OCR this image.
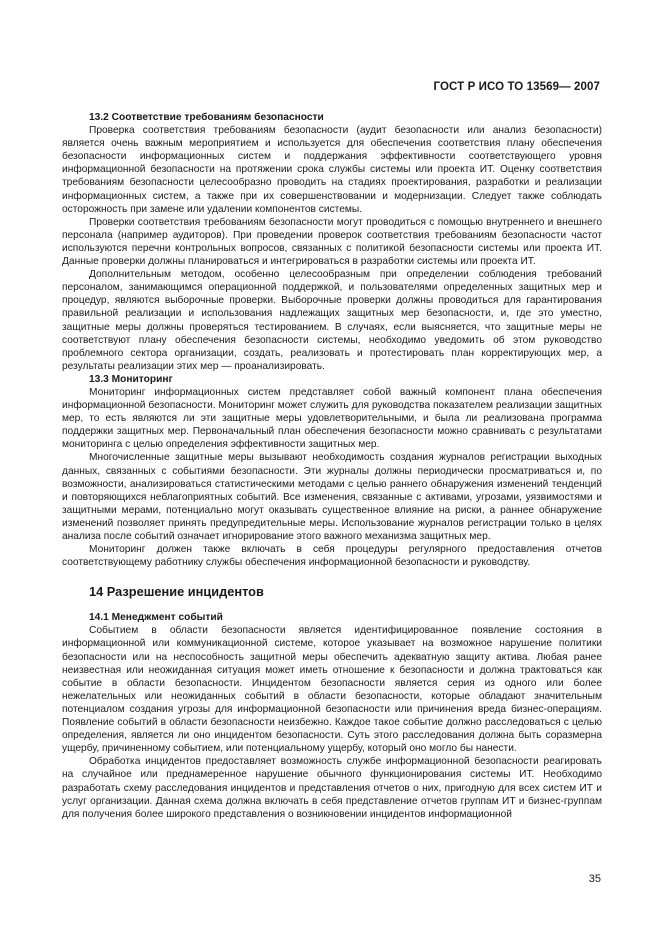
ГОСТ Р ИСО ТО 13569— 2007
13.2 Соответствие требованиям безопасности

Проверка соответствия требованиям безопасности (аудит безопасности или анализ безопасности) является очень важным мероприятием и используется для обеспечения соответствия плану обеспечения безопасности информационных систем и поддержания эффективности соответствующего уровня информационной безопасности на протяжении срока службы системы или проекта ИТ. Оценку соответствия требованиям безопасности целесообразно проводить на стадиях проектирования, разработки и реализации информационных систем, а также при их совершенствовании и модернизации. Следует также соблюдать осторожность при замене или удалении компонентов системы.

Проверки соответствия требованиям безопасности могут проводиться с помощью внутреннего и внешнего персонала (например аудиторов). При проведении проверок соответствия требованиям безопасности частот используются перечни контрольных вопросов, связанных с политикой безопасности системы или проекта ИТ. Данные проверки должны планироваться и интегрироваться в разработки системы или проекта ИТ.

Дополнительным методом, особенно целесообразным при определении соблюдения требований персоналом, занимающимся операционной поддержкой, и пользователями определенных защитных мер и процедур, являются выборочные проверки. Выборочные проверки должны проводиться для гарантирования правильной реализации и использования надлежащих защитных мер безопасности, и, где это уместно, защитные меры должны проверяться тестированием. В случаях, если выясняется, что защитные меры не соответствуют плану обеспечения безопасности системы, необходимо уведомить об этом руководство проблемного сектора организации, создать, реализовать и протестировать план корректирующих мер, а результаты реализации этих мер — проанализировать.

13.3 Мониторинг

Мониторинг информационных систем представляет собой важный компонент плана обеспечения информационной безопасности. Мониторинг может служить для руководства показателем реализации защитных мер, то есть являются ли эти защитные меры удовлетворительными, и была ли реализована программа поддержки защитных мер. Первоначальный план обеспечения безопасности можно сравнивать с результатами мониторинга с целью определения эффективности защитных мер.

Многочисленные защитные меры вызывают необходимость создания журналов регистрации выходных данных, связанных с событиями безопасности. Эти журналы должны периодически просматриваться и, по возможности, анализироваться статистическими методами с целью раннего обнаружения изменений тенденций и повторяющихся неблагоприятных событий. Все изменения, связанные с активами, угрозами, уязвимостями и защитными мерами, потенциально могут оказывать существенное влияние на риски, а раннее обнаружение изменений позволяет принять предупредительные меры. Использование журналов регистрации только в целях анализа после событий означает игнорирование этого важного механизма защитных мер.

Мониторинг должен также включать в себя процедуры регулярного предоставления отчетов соответствующему работнику службы обеспечения информационной безопасности и руководству.

14 Разрешение инцидентов
14.1 Менеджмент событий

Событием в области безопасности является идентифицированное появление состояния в информационной или коммуникационной системе, которое указывает на возможное нарушение политики безопасности или на неспособность защитной меры обеспечить адекватную защиту актива. Любая ранее неизвестная или неожиданная ситуация может иметь отношение к безопасности и должна трактоваться как событие в области безопасности. Инцидентом безопасности является серия из одного или более нежелательных или неожиданных событий в области безопасности, которые обладают значительным потенциалом создания угрозы для информационной безопасности или причинения вреда бизнес-операциям. Появление событий в области безопасности неизбежно. Каждое такое событие должно расследоваться с целью определения, является ли оно инцидентом безопасности. Суть этого расследования должна быть соразмерна ущербу, причиненному событием, или потенциальному ущербу, который оно могло бы нанести.

Обработка инцидентов предоставляет возможность службе информационной безопасности реагировать на случайное или преднамеренное нарушение обычного функционирования системы ИТ. Необходимо разработать схему расследования инцидентов и представления отчетов о них, пригодную для всех систем ИТ и услуг организации. Данная схема должна включать в себя представление отчетов группам ИТ и бизнес-группам для получения более широкого представления о возникновении инцидентов информационной

35
